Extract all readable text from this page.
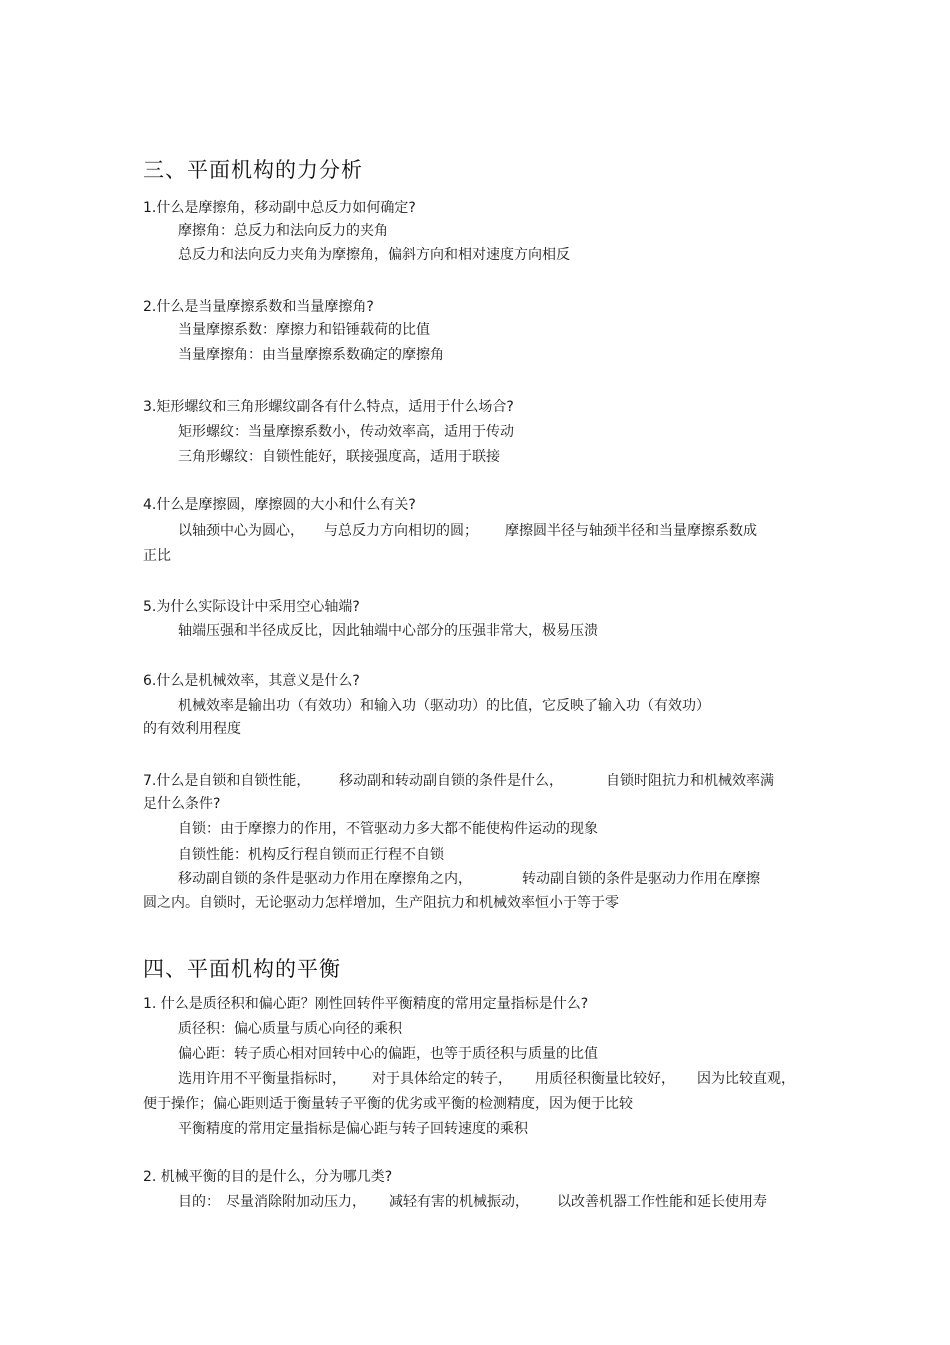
三、平面机构的力分析
1.什么是摩擦角，移动副中总反力如何确定?
摩擦角：总反力和法向反力的夹角
总反力和法向反力夹角为摩擦角，偏斜方向和相对速度方向相反
2.什么是当量摩擦系数和当量摩擦角?
当量摩擦系数：摩擦力和铅锤载荷的比值
当量摩擦角：由当量摩擦系数确定的摩擦角
3.矩形螺纹和三角形螺纹副各有什么特点，适用于什么场合?
矩形螺纹：当量摩擦系数小，传动效率高，适用于传动
三角形螺纹：自锁性能好，联接强度高，适用于联接
4.什么是摩擦圆，摩擦圆的大小和什么有关?
以轴颈中心为圆心， 与总反力方向相切的圆； 摩擦圆半径与轴颈半径和当量摩擦系数成
正比
5.为什么实际设计中采用空心轴端?
轴端压强和半径成反比，因此轴端中心部分的压强非常大，极易压溃
6.什么是机械效率，其意义是什么?
机械效率是输出功（有效功）和输入功（驱动功）的比值，它反映了输入功（有效功）
的有效利用程度
7.什么是自锁和自锁性能， 移动副和转动副自锁的条件是什么，	自锁时阻抗力和机械效率满
足什么条件?
自锁：由于摩擦力的作用，不管驱动力多大都不能使构件运动的现象
自锁性能：机构反行程自锁而正行程不自锁
移动副自锁的条件是驱动力作用在摩擦角之内，	转动副自锁的条件是驱动力作用在摩擦
圆之内。自锁时，无论驱动力怎样增加，生产阻抗力和机械效率恒小于等于零
四、平面机构的平衡
1. 什么是质径积和偏心距？刚性回转件平衡精度的常用定量指标是什么?
质径积：偏心质量与质心向径的乘积
偏心距：转子质心相对回转中心的偏距，也等于质径积与质量的比值
选用许用不平衡量指标时， 对于具体给定的转子， 用质径积衡量比较好， 因为比较直观，
便于操作；偏心距则适于衡量转子平衡的优劣或平衡的检测精度，因为便于比较
平衡精度的常用定量指标是偏心距与转子回转速度的乘积
2. 机械平衡的目的是什么，分为哪几类?
目的： 尽量消除附加动压力， 减轻有害的机械振动， 以改善机器工作性能和延长使用寿
